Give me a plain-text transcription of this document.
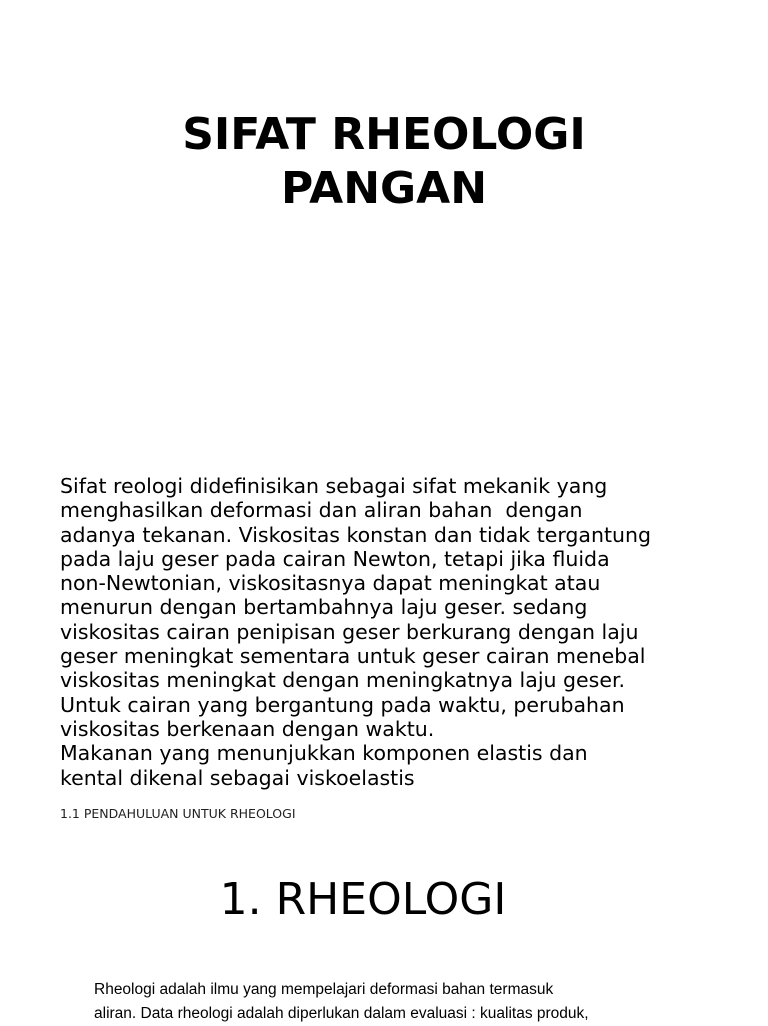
SIFAT RHEOLOGI
PANGAN
Sifat reologi didefinisikan sebagai sifat mekanik yang
menghasilkan deformasi dan aliran bahan  dengan
adanya tekanan. Viskositas konstan dan tidak tergantung
pada laju geser pada cairan Newton, tetapi jika fluida
non-Newtonian, viskositasnya dapat meningkat atau
menurun dengan bertambahnya laju geser. sedang
viskositas cairan penipisan geser berkurang dengan laju
geser meningkat sementara untuk geser cairan menebal
viskositas meningkat dengan meningkatnya laju geser.
Untuk cairan yang bergantung pada waktu, perubahan
viskositas berkenaan dengan waktu.
Makanan yang menunjukkan komponen elastis dan
kental dikenal sebagai viskoelastis

1.1 PENDAHULUAN UNTUK RHEOLOGI

1. RHEOLOGI
Rheologi adalah ilmu yang mempelajari deformasi bahan termasuk
aliran. Data rheologi adalah diperlukan dalam evaluasi : kualitas produk,
